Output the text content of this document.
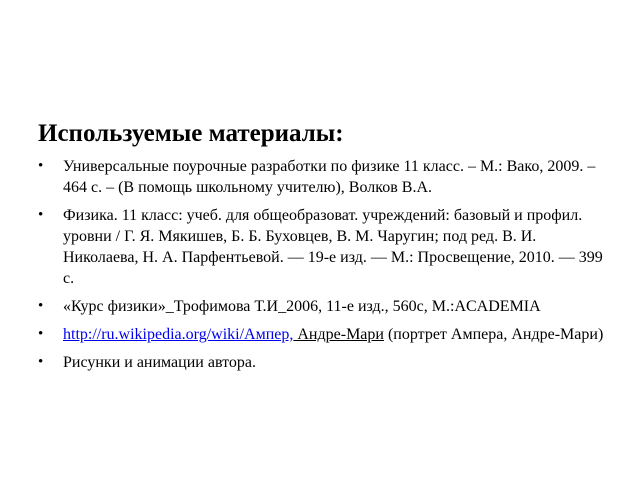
Используемые материалы:
• Универсальные поурочные разработки по физике 11 класс. – М.: Вако, 2009. – 464 с. – (В помощь школьному учителю), Волков В.А.
• Физика. 11 класс: учеб. для общеобразоват. учреждений: базовый и профил. уровни / Г. Я. Мякишев, Б. Б. Буховцев, В. М. Чаругин; под ред. В. И. Николаева, Н. А. Парфентьевой. — 19-е изд. — М.: Просвещение, 2010. — 399 с.
• «Курс физики»_Трофимова Т.И_2006, 11-е изд., 560с, М.:ACADEMIA
• http://ru.wikipedia.org/wiki/Ампер, Андре-Мари (портрет Ампера, Андре-Мари)
• Рисунки и анимации автора.
